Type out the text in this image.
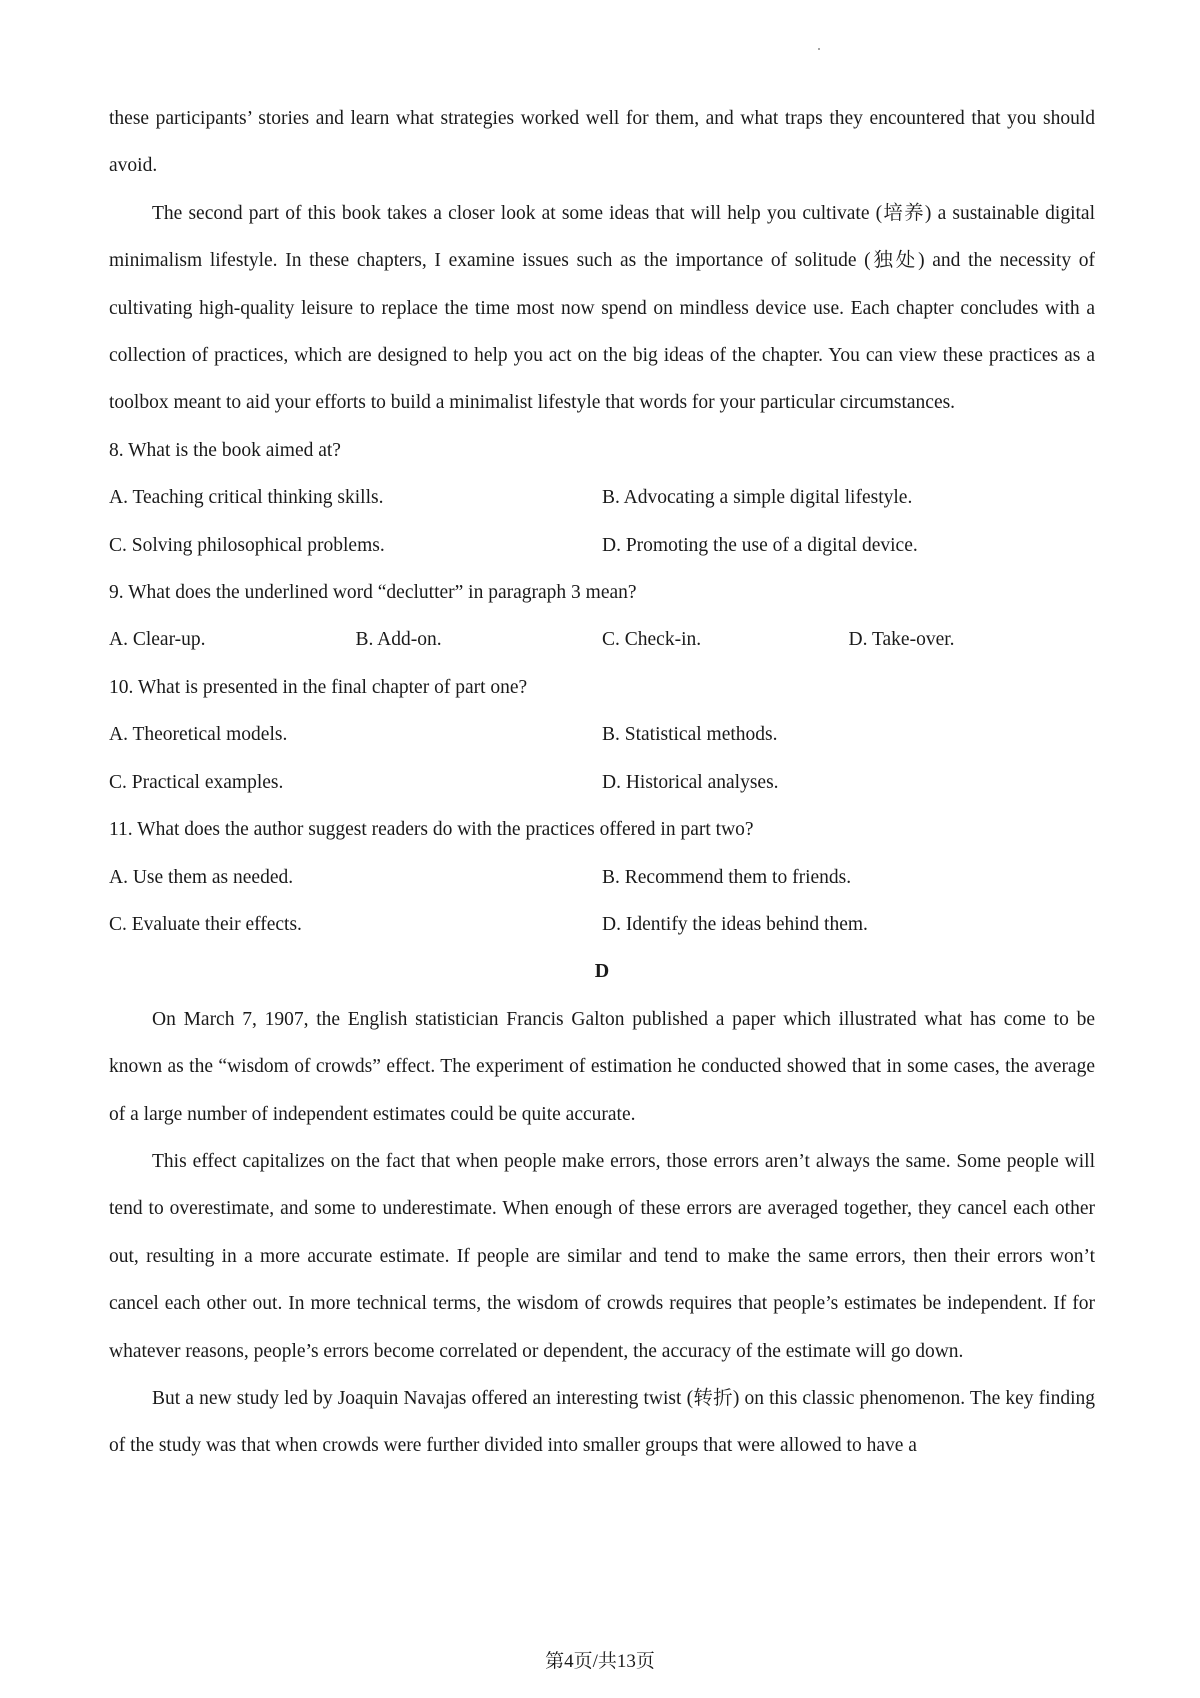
these participants’ stories and learn what strategies worked well for them, and what traps they encountered that you should avoid.

The second part of this book takes a closer look at some ideas that will help you cultivate (培养) a sustainable digital minimalism lifestyle. In these chapters, I examine issues such as the importance of solitude (独处) and the necessity of cultivating high-quality leisure to replace the time most now spend on mindless device use. Each chapter concludes with a collection of practices, which are designed to help you act on the big ideas of the chapter. You can view these practices as a toolbox meant to aid your efforts to build a minimalist lifestyle that words for your particular circumstances.

8. What is the book aimed at?

A. Teaching critical thinking skills.	B. Advocating a simple digital lifestyle.
C. Solving philosophical problems.	D. Promoting the use of a digital device.

9. What does the underlined word “declutter” in paragraph 3 mean?

A. Clear-up.	B. Add-on.	C. Check-in.	D. Take-over.

10. What is presented in the final chapter of part one?

A. Theoretical models.	B. Statistical methods.
C. Practical examples.	D. Historical analyses.

11. What does the author suggest readers do with the practices offered in part two?

A. Use them as needed.	B. Recommend them to friends.
C. Evaluate their effects.	D. Identify the ideas behind them.

D

On March 7, 1907, the English statistician Francis Galton published a paper which illustrated what has come to be known as the “wisdom of crowds” effect. The experiment of estimation he conducted showed that in some cases, the average of a large number of independent estimates could be quite accurate.

This effect capitalizes on the fact that when people make errors, those errors aren’t always the same. Some people will tend to overestimate, and some to underestimate. When enough of these errors are averaged together, they cancel each other out, resulting in a more accurate estimate. If people are similar and tend to make the same errors, then their errors won’t cancel each other out. In more technical terms, the wisdom of crowds requires that people’s estimates be independent. If for whatever reasons, people’s errors become correlated or dependent, the accuracy of the estimate will go down.

But a new study led by Joaquin Navajas offered an interesting twist (转折) on this classic phenomenon. The key finding of the study was that when crowds were further divided into smaller groups that were allowed to have a

第4页/共13页
